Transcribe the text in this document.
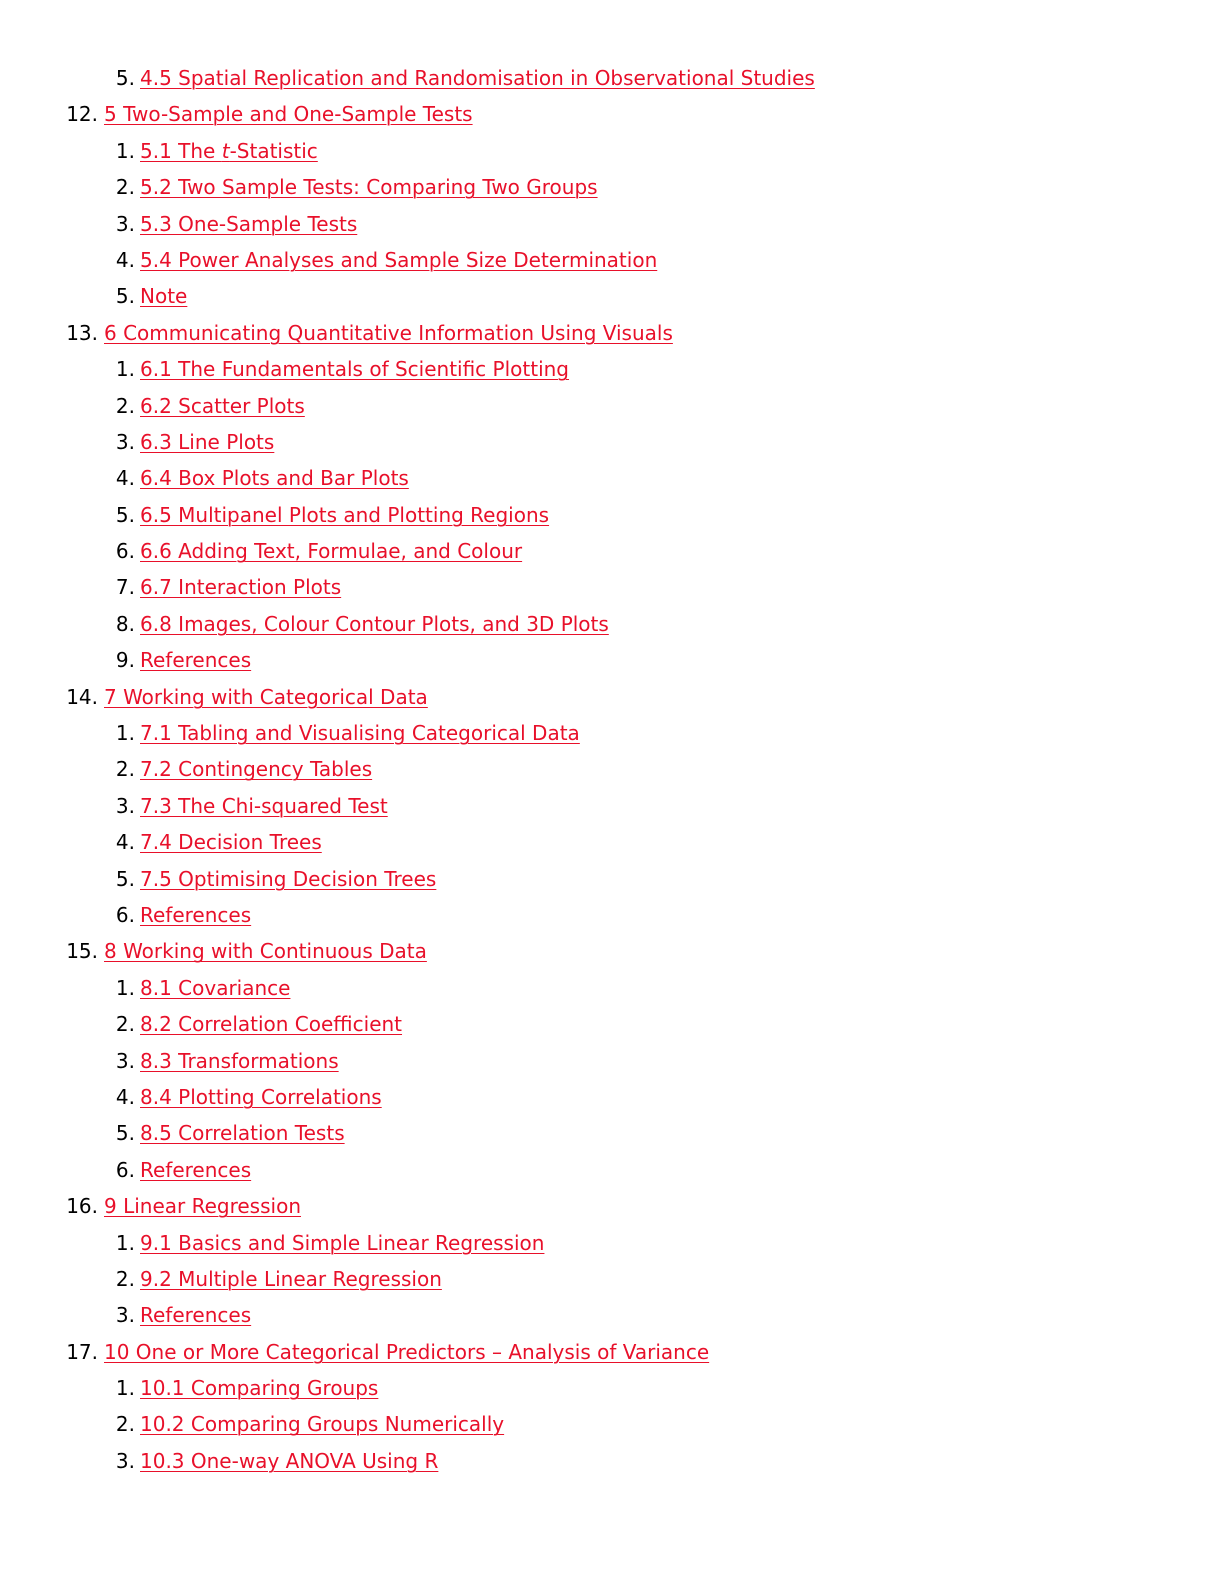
5. 4.5 Spatial Replication and Randomisation in Observational Studies
12. 5 Two-Sample and One-Sample Tests
1. 5.1 The t-Statistic
2. 5.2 Two Sample Tests: Comparing Two Groups
3. 5.3 One-Sample Tests
4. 5.4 Power Analyses and Sample Size Determination
5. Note
13. 6 Communicating Quantitative Information Using Visuals
1. 6.1 The Fundamentals of Scientific Plotting
2. 6.2 Scatter Plots
3. 6.3 Line Plots
4. 6.4 Box Plots and Bar Plots
5. 6.5 Multipanel Plots and Plotting Regions
6. 6.6 Adding Text, Formulae, and Colour
7. 6.7 Interaction Plots
8. 6.8 Images, Colour Contour Plots, and 3D Plots
9. References
14. 7 Working with Categorical Data
1. 7.1 Tabling and Visualising Categorical Data
2. 7.2 Contingency Tables
3. 7.3 The Chi-squared Test
4. 7.4 Decision Trees
5. 7.5 Optimising Decision Trees
6. References
15. 8 Working with Continuous Data
1. 8.1 Covariance
2. 8.2 Correlation Coefficient
3. 8.3 Transformations
4. 8.4 Plotting Correlations
5. 8.5 Correlation Tests
6. References
16. 9 Linear Regression
1. 9.1 Basics and Simple Linear Regression
2. 9.2 Multiple Linear Regression
3. References
17. 10 One or More Categorical Predictors – Analysis of Variance
1. 10.1 Comparing Groups
2. 10.2 Comparing Groups Numerically
3. 10.3 One-way ANOVA Using R
